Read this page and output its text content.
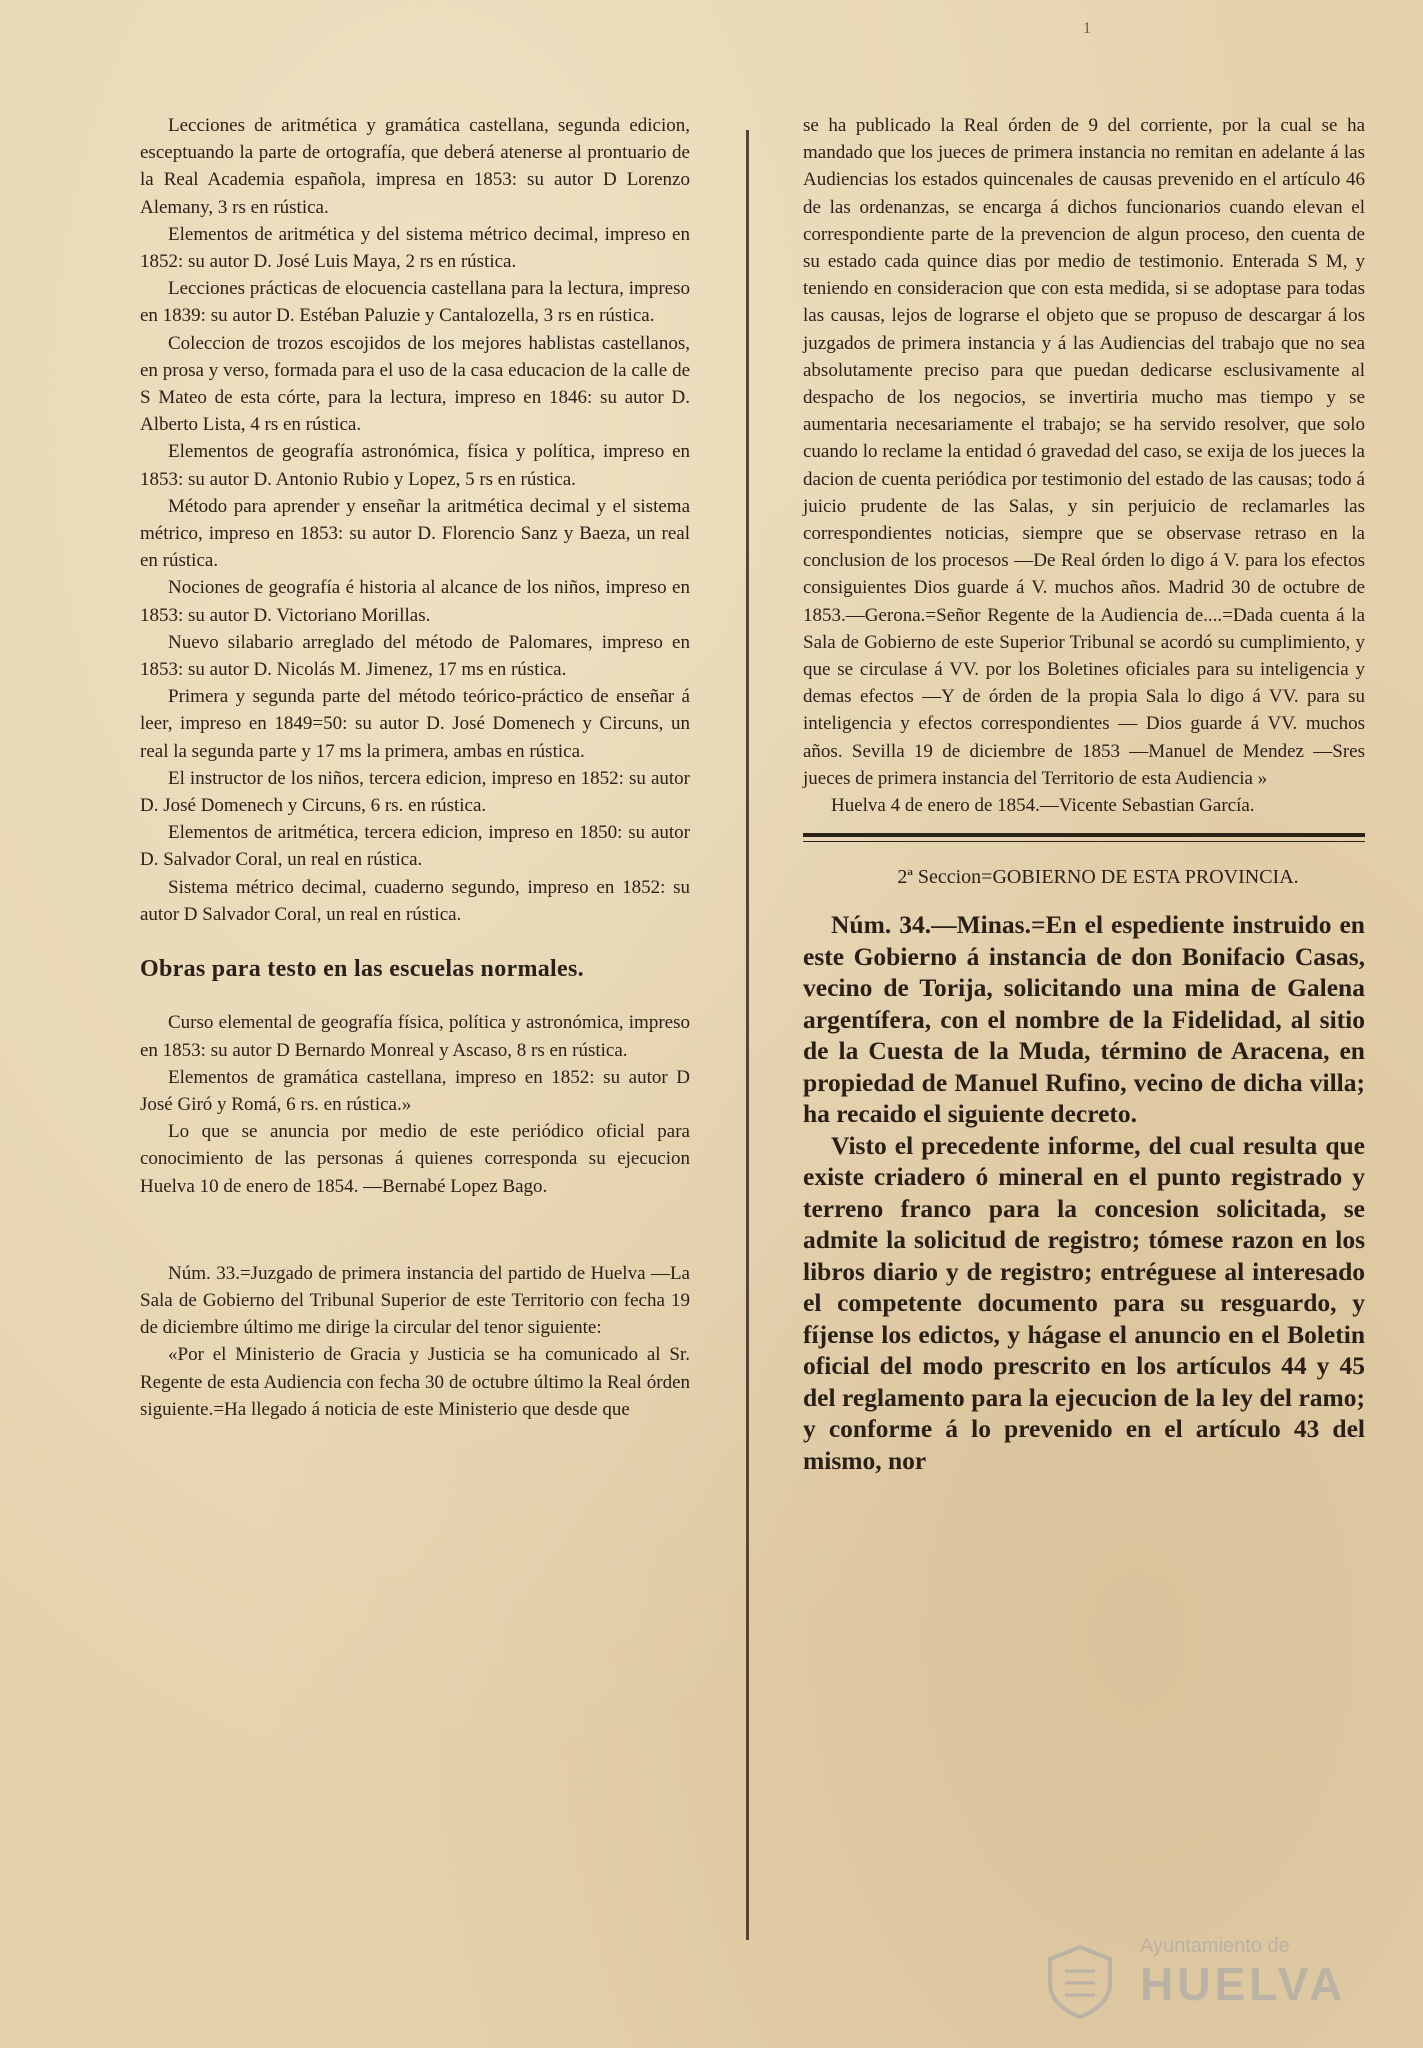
1

Lecciones de aritmética y gramática castellana, segunda edicion, esceptuando la parte de ortografía, que deberá atenerse al prontuario de la Real Academia española, impresa en 1853: su autor D Lorenzo Alemany, 3 rs en rústica.

Elementos de aritmética y del sistema métrico decimal, impreso en 1852: su autor D. José Luis Maya, 2 rs en rústica.

Lecciones prácticas de elocuencia castellana para la lectura, impreso en 1839: su autor D. Estéban Paluzie y Cantalozella, 3 rs en rústica.

Coleccion de trozos escojidos de los mejores hablistas castellanos, en prosa y verso, formada para el uso de la casa educacion de la calle de S Mateo de esta córte, para la lectura, impreso en 1846: su autor D. Alberto Lista, 4 rs en rústica.

Elementos de geografía astronómica, física y política, impreso en 1853: su autor D. Antonio Rubio y Lopez, 5 rs en rústica.

Método para aprender y enseñar la aritmética decimal y el sistema métrico, impreso en 1853: su autor D. Florencio Sanz y Baeza, un real en rústica.

Nociones de geografía é historia al alcance de los niños, impreso en 1853: su autor D. Victoriano Morillas.

Nuevo silabario arreglado del método de Palomares, impreso en 1853: su autor D. Nicolás M. Jimenez, 17 ms en rústica.

Primera y segunda parte del método teórico-práctico de enseñar á leer, impreso en 1849=50: su autor D. José Domenech y Circuns, un real la segunda parte y 17 ms la primera, ambas en rústica.

El instructor de los niños, tercera edicion, impreso en 1852: su autor D. José Domenech y Circuns, 6 rs. en rústica.

Elementos de aritmética, tercera edicion, impreso en 1850: su autor D. Salvador Coral, un real en rústica.

Sistema métrico decimal, cuaderno segundo, impreso en 1852: su autor D Salvador Coral, un real en rústica.

Obras para testo en las escuelas normales.

Curso elemental de geografía física, política y astronómica, impreso en 1853: su autor D Bernardo Monreal y Ascaso, 8 rs en rústica.

Elementos de gramática castellana, impreso en 1852: su autor D José Giró y Romá, 6 rs. en rústica.»

Lo que se anuncia por medio de este periódico oficial para conocimiento de las personas á quienes corresponda su ejecucion Huelva 10 de enero de 1854. —Bernabé Lopez Bago.

Núm. 33.=Juzgado de primera instancia del partido de Huelva —La Sala de Gobierno del Tribunal Superior de este Territorio con fecha 19 de diciembre último me dirige la circular del tenor siguiente:

«Por el Ministerio de Gracia y Justicia se ha comunicado al Sr. Regente de esta Audiencia con fecha 30 de octubre último la Real órden siguiente.=Ha llegado á noticia de este Ministerio que desde que

se ha publicado la Real órden de 9 del corriente, por la cual se ha mandado que los jueces de primera instancia no remitan en adelante á las Audiencias los estados quincenales de causas prevenido en el artículo 46 de las ordenanzas, se encarga á dichos funcionarios cuando elevan el correspondiente parte de la prevencion de algun proceso, den cuenta de su estado cada quince dias por medio de testimonio. Enterada S M, y teniendo en consideracion que con esta medida, si se adoptase para todas las causas, lejos de lograrse el objeto que se propuso de descargar á los juzgados de primera instancia y á las Audiencias del trabajo que no sea absolutamente preciso para que puedan dedicarse esclusivamente al despacho de los negocios, se invertiria mucho mas tiempo y se aumentaria necesariamente el trabajo; se ha servido resolver, que solo cuando lo reclame la entidad ó gravedad del caso, se exija de los jueces la dacion de cuenta periódica por testimonio del estado de las causas; todo á juicio prudente de las Salas, y sin perjuicio de reclamarles las correspondientes noticias, siempre que se observase retraso en la conclusion de los procesos —De Real órden lo digo á V. para los efectos consiguientes Dios guarde á V. muchos años. Madrid 30 de octubre de 1853.—Gerona.=Señor Regente de la Audiencia de....=Dada cuenta á la Sala de Gobierno de este Superior Tribunal se acordó su cumplimiento, y que se circulase á VV. por los Boletines oficiales para su inteligencia y demas efectos —Y de órden de la propia Sala lo digo á VV. para su inteligencia y efectos correspondientes — Dios guarde á VV. muchos años. Sevilla 19 de diciembre de 1853 —Manuel de Mendez —Sres jueces de primera instancia del Territorio de esta Audiencia »

Huelva 4 de enero de 1854.—Vicente Sebastian García.

2ª Seccion=GOBIERNO DE ESTA PROVINCIA.

Núm. 34.—Minas.=En el espediente instruido en este Gobierno á instancia de don Bonifacio Casas, vecino de Torija, solicitando una mina de Galena argentífera, con el nombre de la Fidelidad, al sitio de la Cuesta de la Muda, término de Aracena, en propiedad de Manuel Rufino, vecino de dicha villa; ha recaido el siguiente decreto.

Visto el precedente informe, del cual resulta que existe criadero ó mineral en el punto registrado y terreno franco para la concesion solicitada, se admite la solicitud de registro; tómese razon en los libros diario y de registro; entréguese al interesado el competente documento para su resguardo, y fíjense los edictos, y hágase el anuncio en el Boletin oficial del modo prescrito en los artículos 44 y 45 del reglamento para la ejecucion de la ley del ramo; y conforme á lo prevenido en el artículo 43 del mismo, nor

Ayuntamiento de
HUELVA
